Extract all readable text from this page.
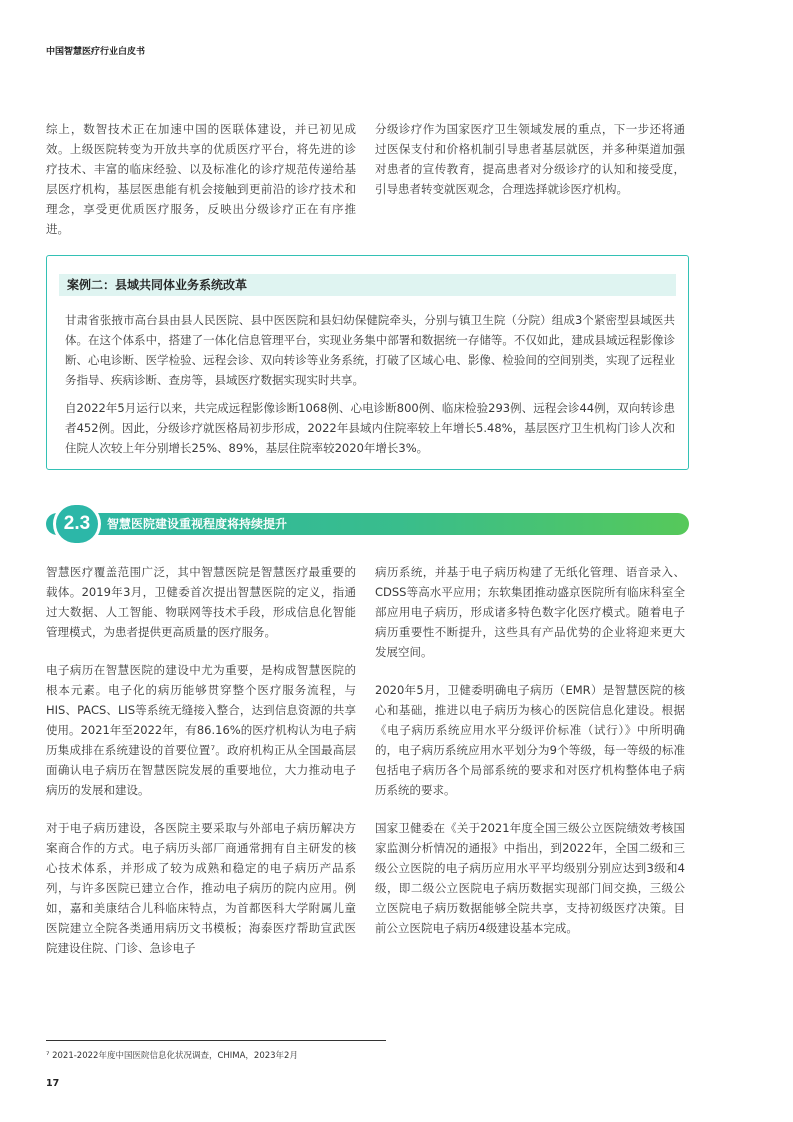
中国智慧医疗行业白皮书

综上，数智技术正在加速中国的医联体建设，并已初见成效。上级医院转变为开放共享的优质医疗平台，将先进的诊疗技术、丰富的临床经验、以及标准化的诊疗规范传递给基层医疗机构，基层医患能有机会接触到更前沿的诊疗技术和理念，享受更优质医疗服务，反映出分级诊疗正在有序推进。

分级诊疗作为国家医疗卫生领域发展的重点，下一步还将通过医保支付和价格机制引导患者基层就医，并多种渠道加强对患者的宣传教育，提高患者对分级诊疗的认知和接受度，引导患者转变就医观念，合理选择就诊医疗机构。

案例二：县域共同体业务系统改革

甘肃省张掖市高台县由县人民医院、县中医医院和县妇幼保健院牵头，分别与镇卫生院（分院）组成3个紧密型县域医共体。在这个体系中，搭建了一体化信息管理平台，实现业务集中部署和数据统一存储等。不仅如此，建成县域远程影像诊断、心电诊断、医学检验、远程会诊、双向转诊等业务系统，打破了区域心电、影像、检验间的空间别类，实现了远程业务指导、疾病诊断、查房等，县域医疗数据实现实时共享。

自2022年5月运行以来，共完成远程影像诊断1068例、心电诊断800例、临床检验293例、远程会诊44例，双向转诊患者452例。因此，分级诊疗就医格局初步形成，2022年县域内住院率较上年增长5.48%，基层医疗卫生机构门诊人次和住院人次较上年分别增长25%、89%，基层住院率较2020年增长3%。

2.3	智慧医院建设重视程度将持续提升

智慧医疗覆盖范围广泛，其中智慧医院是智慧医疗最重要的载体。2019年3月，卫健委首次提出智慧医院的定义，指通过大数据、人工智能、物联网等技术手段，形成信息化智能管理模式，为患者提供更高质量的医疗服务。

电子病历在智慧医院的建设中尤为重要，是构成智慧医院的根本元素。电子化的病历能够贯穿整个医疗服务流程，与HIS、PACS、LIS等系统无缝接入整合，达到信息资源的共享使用。2021年至2022年，有86.16%的医疗机构认为电子病历集成排在系统建设的首要位置⁷。政府机构正从全国最高层面确认电子病历在智慧医院发展的重要地位，大力推动电子病历的发展和建设。

对于电子病历建设，各医院主要采取与外部电子病历解决方案商合作的方式。电子病历头部厂商通常拥有自主研发的核心技术体系，并形成了较为成熟和稳定的电子病历产品系列，与许多医院已建立合作，推动电子病历的院内应用。例如，嘉和美康结合儿科临床特点，为首都医科大学附属儿童医院建立全院各类通用病历文书模板；海泰医疗帮助宣武医院建设住院、门诊、急诊电子

病历系统，并基于电子病历构建了无纸化管理、语音录入、CDSS等高水平应用；东软集团推动盛京医院所有临床科室全部应用电子病历，形成诸多特色数字化医疗模式。随着电子病历重要性不断提升，这些具有产品优势的企业将迎来更大发展空间。

2020年5月，卫健委明确电子病历（EMR）是智慧医院的核心和基础，推进以电子病历为核心的医院信息化建设。根据《电子病历系统应用水平分级评价标准（试行）》中所明确的，电子病历系统应用水平划分为9个等级，每一等级的标准包括电子病历各个局部系统的要求和对医疗机构整体电子病历系统的要求。

国家卫健委在《关于2021年度全国三级公立医院绩效考核国家监测分析情况的通报》中指出，到2022年，全国二级和三级公立医院的电子病历应用水平平均级别分别应达到3级和4级，即二级公立医院电子病历数据实现部门间交换，三级公立医院电子病历数据能够全院共享，支持初级医疗决策。目前公立医院电子病历4级建设基本完成。

⁷ 2021-2022年度中国医院信息化状况调查，CHIMA，2023年2月
17
